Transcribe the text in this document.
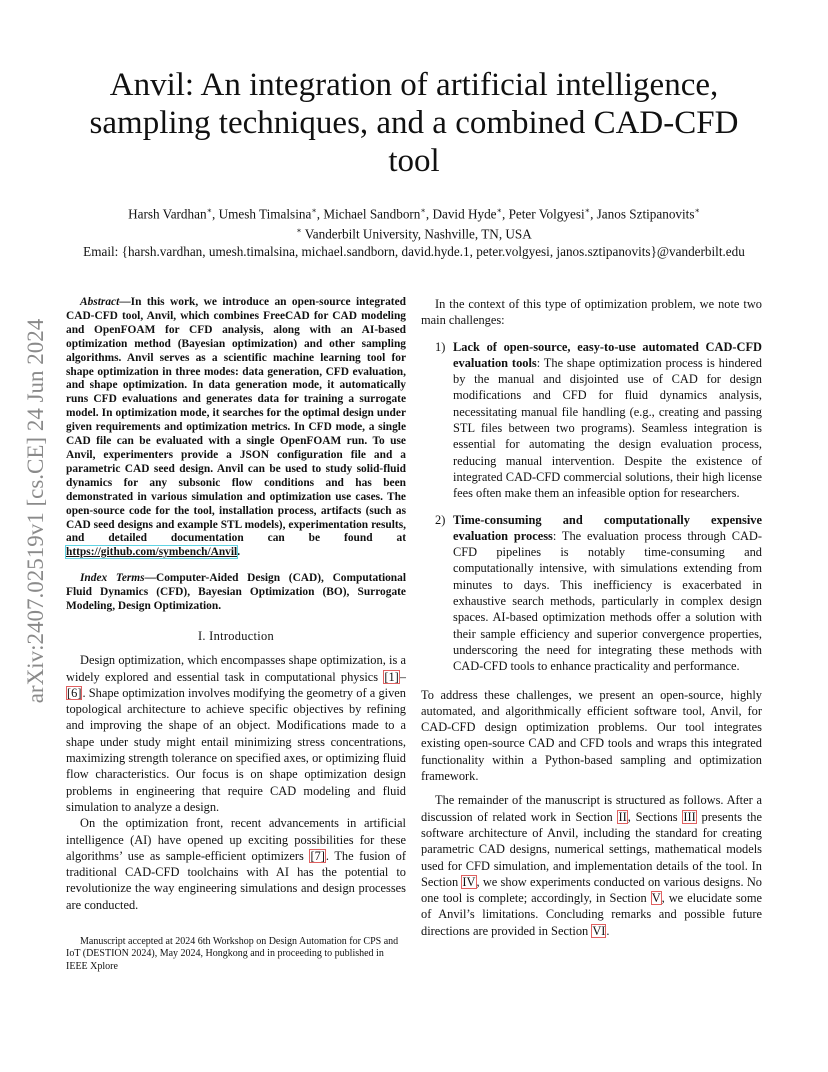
arXiv:2407.02519v1 [cs.CE] 24 Jun 2024
Anvil: An integration of artificial intelligence, sampling techniques, and a combined CAD-CFD tool
Harsh Vardhan∗, Umesh Timalsina∗, Michael Sandborn∗, David Hyde∗, Peter Volgyesi∗, Janos Sztipanovits∗
∗ Vanderbilt University, Nashville, TN, USA
Email: {harsh.vardhan, umesh.timalsina, michael.sandborn, david.hyde.1, peter.volgyesi, janos.sztipanovits}@vanderbilt.edu

Abstract—In this work, we introduce an open-source integrated CAD-CFD tool, Anvil, which combines FreeCAD for CAD modeling and OpenFOAM for CFD analysis, along with an AI-based optimization method (Bayesian optimization) and other sampling algorithms. Anvil serves as a scientific machine learning tool for shape optimization in three modes: data generation, CFD evaluation, and shape optimization. In data generation mode, it automatically runs CFD evaluations and generates data for training a surrogate model. In optimization mode, it searches for the optimal design under given requirements and optimization metrics. In CFD mode, a single CAD file can be evaluated with a single OpenFOAM run. To use Anvil, experimenters provide a JSON configuration file and a parametric CAD seed design. Anvil can be used to study solid-fluid dynamics for any subsonic flow conditions and has been demonstrated in various simulation and optimization use cases. The open-source code for the tool, installation process, artifacts (such as CAD seed designs and example STL models), experimentation results, and detailed documentation can be found at https://github.com/symbench/Anvil.

Index Terms—Computer-Aided Design (CAD), Computational Fluid Dynamics (CFD), Bayesian Optimization (BO), Surrogate Modeling, Design Optimization.

I. Introduction

Design optimization, which encompasses shape optimization, is a widely explored and essential task in computational physics [1]–[6]. Shape optimization involves modifying the geometry of a given topological architecture to achieve specific objectives by refining and improving the shape of an object. Modifications made to a shape under study might entail minimizing stress concentrations, maximizing strength tolerance on specified axes, or optimizing fluid flow characteristics. Our focus is on shape optimization design problems in engineering that require CAD modeling and fluid simulation to analyze a design.

On the optimization front, recent advancements in artificial intelligence (AI) have opened up exciting possibilities for these algorithms’ use as sample-efficient optimizers [7]. The fusion of traditional CAD-CFD toolchains with AI has the potential to revolutionize the way engineering simulations and design processes are conducted.

Manuscript accepted at 2024 6th Workshop on Design Automation for CPS and IoT (DESTION 2024), May 2024, Hongkong and in proceeding to published in IEEE Xplore

In the context of this type of optimization problem, we note two main challenges:

1) Lack of open-source, easy-to-use automated CAD-CFD evaluation tools: The shape optimization process is hindered by the manual and disjointed use of CAD for design modifications and CFD for fluid dynamics analysis, necessitating manual file handling (e.g., creating and passing STL files between two programs). Seamless integration is essential for automating the design evaluation process, reducing manual intervention. Despite the existence of integrated CAD-CFD commercial solutions, their high license fees often make them an infeasible option for researchers.
2) Time-consuming and computationally expensive evaluation process: The evaluation process through CAD-CFD pipelines is notably time-consuming and computationally intensive, with simulations extending from minutes to days. This inefficiency is exacerbated in exhaustive search methods, particularly in complex design spaces. AI-based optimization methods offer a solution with their sample efficiency and superior convergence properties, underscoring the need for integrating these methods with CAD-CFD tools to enhance practicality and performance.

To address these challenges, we present an open-source, highly automated, and algorithmically efficient software tool, Anvil, for CAD-CFD design optimization problems. Our tool integrates existing open-source CAD and CFD tools and wraps this integrated functionality within a Python-based sampling and optimization framework.

The remainder of the manuscript is structured as follows. After a discussion of related work in Section II, Sections III presents the software architecture of Anvil, including the standard for creating parametric CAD designs, numerical settings, mathematical models used for CFD simulation, and implementation details of the tool. In Section IV, we show experiments conducted on various designs. No one tool is complete; accordingly, in Section V, we elucidate some of Anvil’s limitations. Concluding remarks and possible future directions are provided in Section VI.
